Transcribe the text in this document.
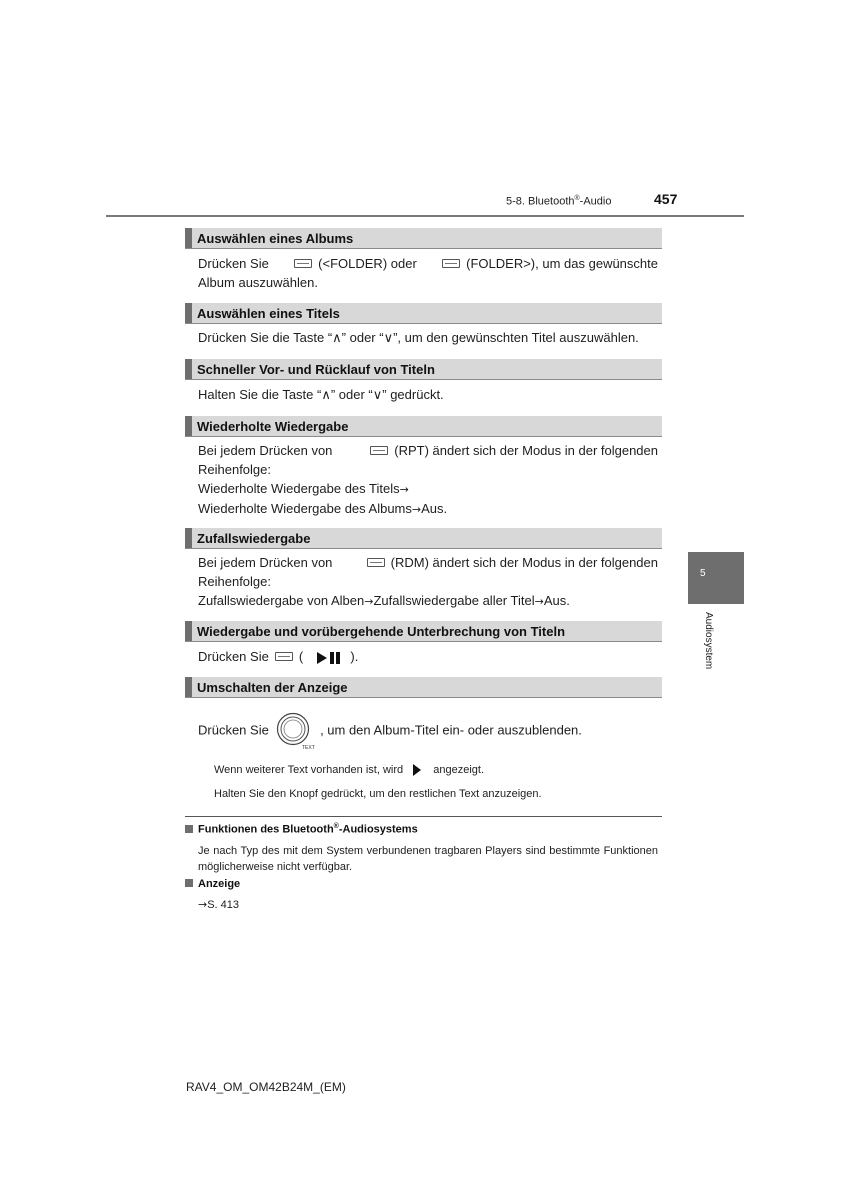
5-8. Bluetooth®-Audio	457
5
Audiosystem
Auswählen eines Albums
Drücken Sie	(<FOLDER) oder	(FOLDER>), um das gewünschte
Album auszuwählen.
Auswählen eines Titels
Drücken Sie die Taste “∧” oder “∨”, um den gewünschten Titel auszuwählen.
Schneller Vor- und Rücklauf von Titeln
Halten Sie die Taste “∧” oder “∨” gedrückt.
Wiederholte Wiedergabe
Bei jedem Drücken von	(RPT) ändert sich der Modus in der folgenden
Reihenfolge:
Wiederholte Wiedergabe des Titels→
Wiederholte Wiedergabe des Albums→Aus.
Zufallswiedergabe
Bei jedem Drücken von	(RDM) ändert sich der Modus in der folgenden
Reihenfolge:
Zufallswiedergabe von Alben→Zufallswiedergabe aller Titel→Aus.
Wiedergabe und vorübergehende Unterbrechung von Titeln
Drücken Sie (	).
Umschalten der Anzeige
Drücken Sie
TEXT
, um den Album-Titel ein- oder auszublenden.
Wenn weiterer Text vorhanden ist, wird	angezeigt.
Halten Sie den Knopf gedrückt, um den restlichen Text anzuzeigen.
Funktionen des Bluetooth®-Audiosystems
Je nach Typ des mit dem System verbundenen tragbaren Players sind bestimmte Funktionen möglicherweise nicht verfügbar.
Anzeige
→S. 413
RAV4_OM_OM42B24M_(EM)
